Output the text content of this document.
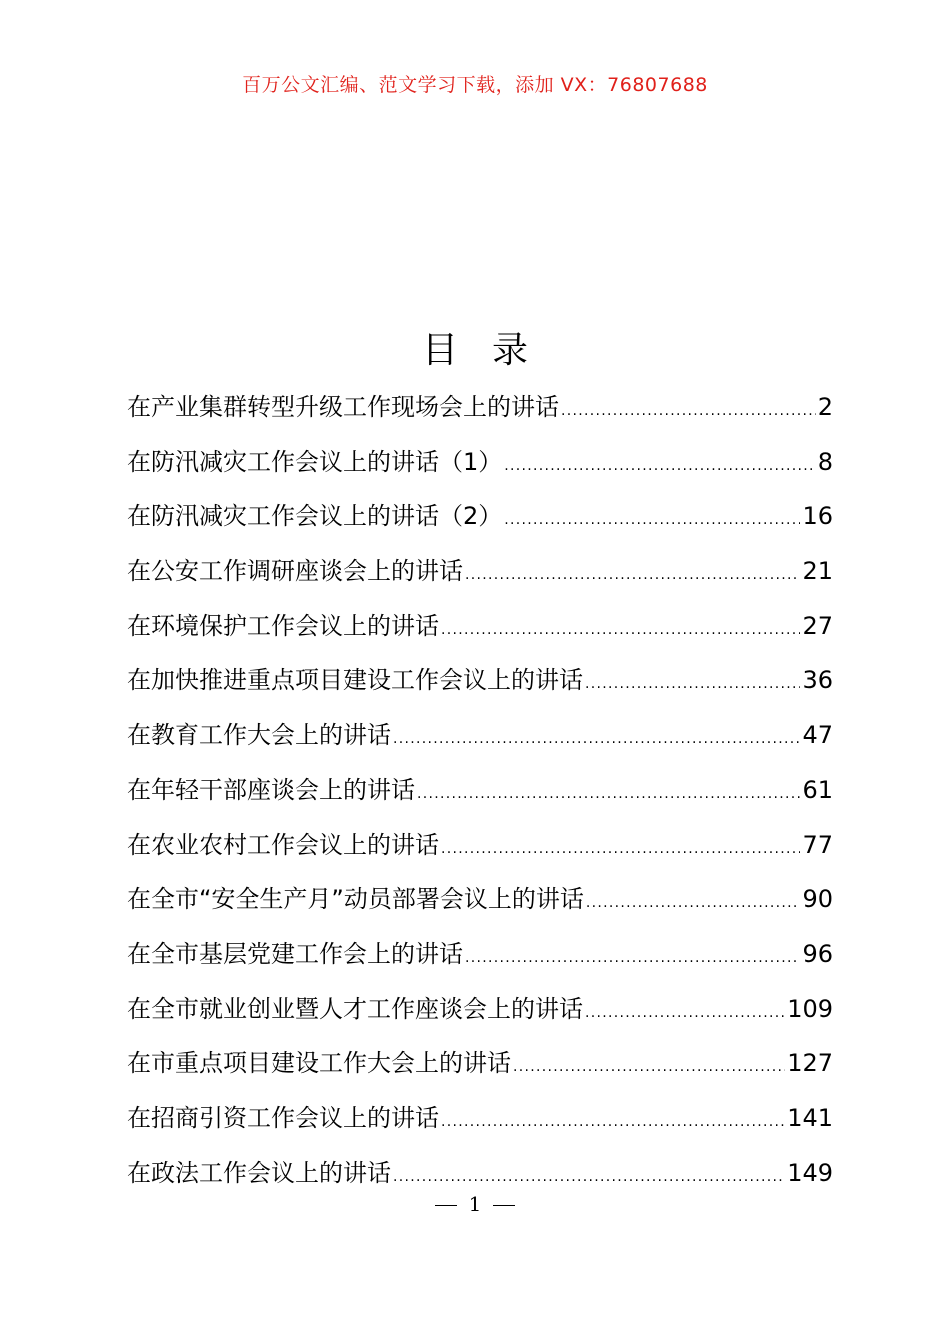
百万公文汇编、范文学习下载，添加 VX：76807688
目录
在产业集群转型升级工作现场会上的讲话 .....	2
在防汛减灾工作会议上的讲话（1） .....	8
在防汛减灾工作会议上的讲话（2） .....	16
在公安工作调研座谈会上的讲话 .....	21
在环境保护工作会议上的讲话 .....	27
在加快推进重点项目建设工作会议上的讲话 .....	36
在教育工作大会上的讲话 .....	47
在年轻干部座谈会上的讲话 .....	61
在农业农村工作会议上的讲话 .....	77
在全市“安全生产月”动员部署会议上的讲话 .....	90
在全市基层党建工作会上的讲话 .....	96
在全市就业创业暨人才工作座谈会上的讲话 .....	109
在市重点项目建设工作大会上的讲话 .....	127
在招商引资工作会议上的讲话 .....	141
在政法工作会议上的讲话 .....	149
1
